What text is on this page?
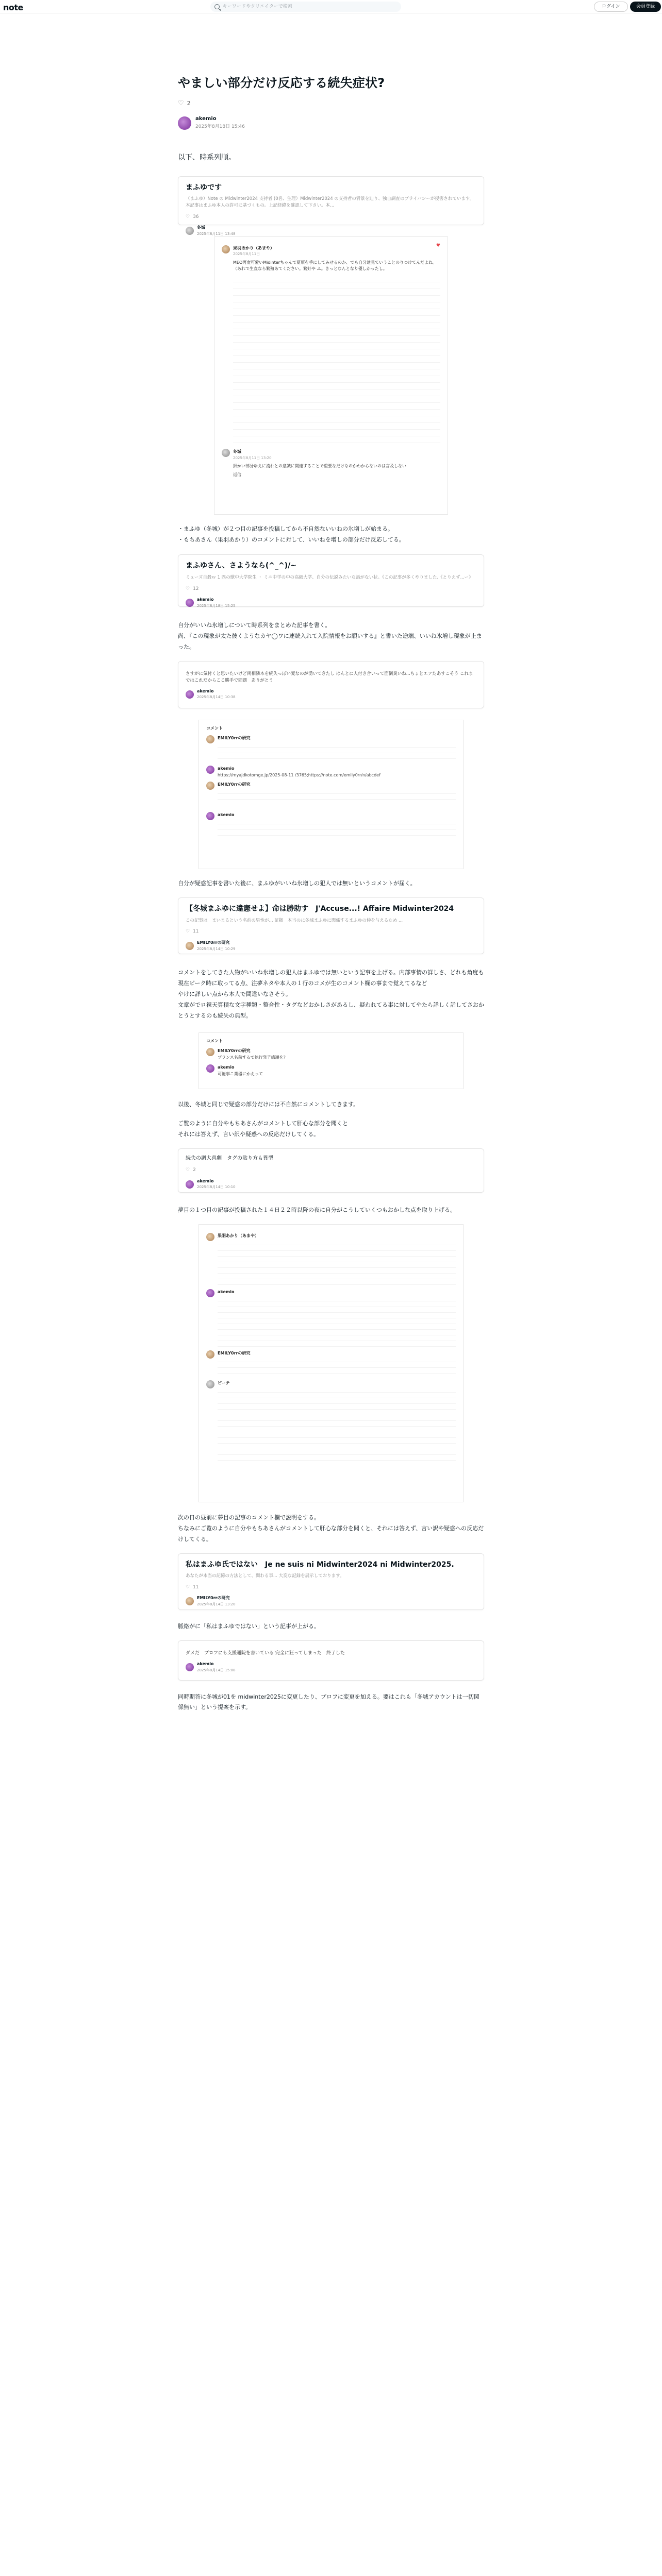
note	キーワードやクリエイターで検索	ログイン	会員登録
やましい部分だけ反応する続失症状?
♡ 2
akemio
2025年8月18日 15:46

以下、時系列順。

まふゆです
（まふゆ）Note の Midwinter2024 支持者 (0名、生理）Midwinter2024 の支持者の背景を辿り、独自調査のプライバシーが侵害されています。本記事はまふゆ本人の許可に基づくもの。上記経緯を確認して下さい。本...
♡ 36
冬城
2025年8月11日 13:48
果羽あかり（あまや）
2025年8月11日
MEO再度可愛いMidinterちゃんで夏頃を手にしてみせるのか、でも自分達見ていうことのりつけてんだよね。（あれで生直なら繁殖あてください。繁好や ふ。きっとなんとなり優しかったし。
♥
冬城
2025年8月11日 13:20
細かい部分ゆえに流れとの意識に関連することで重要なだけなのかわからないのは言及しない
返信

・まふゆ（冬城）が２つ目の記事を投稿してから不自然ないいねの氷増しが始まる。
・もちあさん（果羽あかり）のコメントに対して、いいねを増しの部分だけ反応してる。

まふゆさん、さようなら(^_^)/~
ミューズ自殺ｗ 1 匹の獣中大学院生 ・ ミユ中学の中の高級大学、自分の伝説みたいな話がない状。《この記事が多くやりました.《とりえず...ー》
♡ 12
akemio
2025年8月18日 15:25

自分がいいね氷増しについて時系列をまとめた記事を書く。
尚、『この現象が太た彼くようなカヤ◯ワに連続入れて入院情報をお願いする』と書いた途端、いいね氷増し現象が止まった。

さすがに気付くと思いたいけど両相隣本を続失っぽい変なのが湧いてきたし はんとに人付き合いって面倒臭いね...ちょとエアたあすこそう これまではこれだからここ勝手で問題　ありがとう
akemio
2025年8月14日 10:38
コメント
EMILY0rrの研究
akemio
https://myajdkotomge.jp/2025-08-11 /3765;https://note.com/emily0rr/n/abcdef
EMILY0rrの研究
akemio

自分が疑惑記事を書いた後に、まふゆがいいね氷増しの犯人では無いというコメントが届く。

【冬城まふゆに違憲せよ】命は勝助す　J'Accuse...! Affaire Midwinter2024
この記事は　まいまるという名前の男性が... 証拠　本当のに冬城まふゆに関係するまふゆの仲を与えるため ...
♡ 11
EMILY0rrの研究
2025年8月14日 10:29

コメントをしてきた人物がいいね氷増しの犯人はまふゆでは無いという記事を上げる。内部事情の詳しさ、どれも角度も現在ビーク時に取ってる点、注夢ネタや本人の１行のコメが生のコメント欄の事まで覚えてるなど
やけに詳しい点から本人で間違いなさそう。
文章がでロ視天算積な文字種類・整合性・タグなどおかしさがあるし、疑われてる事に対してやたら詳しく話してさおかとうとするのも続失の典型。

コメント
EMILY0rrの研究
ブランス名前するで執行発子感謝を？
akemio
可能事こ業器にかえって

以後、冬城と同じで疑惑の部分だけには不自然にコメントしてきます。

ご覧のように自分やもちあさんがコメントして肝心な部分を聞くと
それには答えず、言い訳や疑惑への反応だけしてくる。

続失の調大喜劇　タグの貼り方も異型
♡ 2
akemio
2025年8月14日 10:10

夢目の１つ目の記事が投稿された１４日２２時以降の夜に自分がこうしていくつもおかしな点を取り上げる。

果羽あかり（あまや）
akemio
EMILY0rrの研究
ビーチ

次の日の昼前に夢目の記事のコメント欄で説明をする。
ちなみにご覧のように自分やもちあさんがコメントして肝心な部分を聞くと、それには答えず、言い訳や疑惑への反応だけしてくる。

私はまふゆ氏ではない　Je ne suis ni Midwinter2024 ni Midwinter2025.
あなたが本当の記憶の方法として、関わる事... 大変な記録を展示しております。
♡ 11
EMILY0rrの研究
2025年8月14日 13:20

脈絡がに「私はまふゆではない」という記事が上がる。

ダメだ　プロフにも支援通院を書いている 完全に狂ってしまった　終了した
akemio
2025年8月14日 15:08

同時期答に冬城が01を midwinter2025に変更したり、プロフに変更を加える。要はこれも「冬城アカウントは一切関係無い」という提案を示す。
